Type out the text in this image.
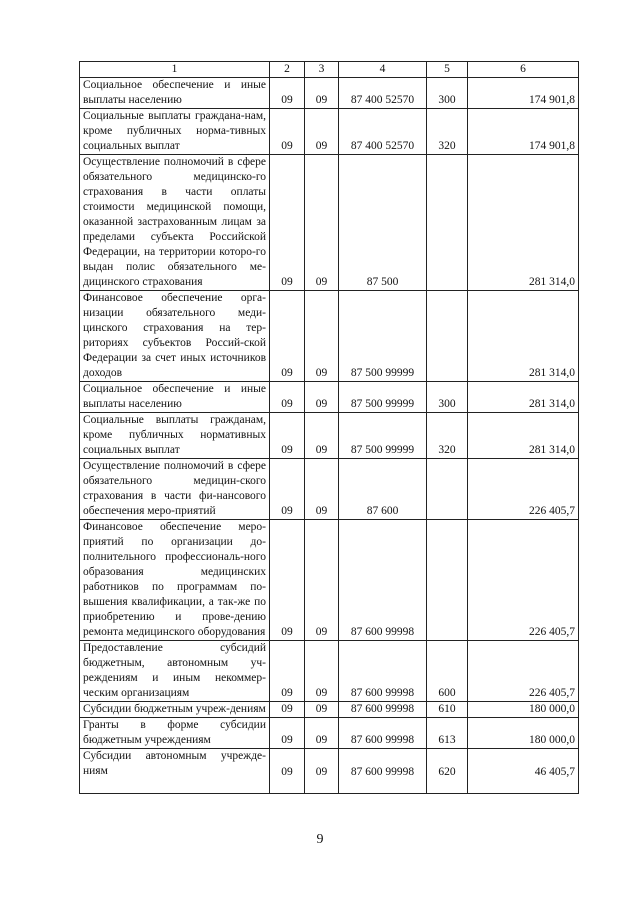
1	2	3	4	5	6
Социальное обеспечение и иные выплаты населению	09	09	87 400 52570	300	174 901,8
Социальные выплаты граждана-нам, кроме публичных норма-тивных социальных выплат	09	09	87 400 52570	320	174 901,8
Осуществление полномочий в сфере обязательного медицинско-го страхования в части оплаты стоимости медицинской помощи, оказанной застрахованным лицам за пределами субъекта Российской Федерации, на территории которо-го выдан полис обязательного ме-дицинского страхования	09	09	87 500		281 314,0
Финансовое обеспечение орга-низации обязательного меди-цинского страхования на тер-риториях субъектов Россий-ской Федерации за счет иных источников доходов	09	09	87 500 99999		281 314,0
Социальное обеспечение и иные выплаты населению	09	09	87 500 99999	300	281 314,0
Социальные выплаты гражданам, кроме публичных нормативных социальных выплат	09	09	87 500 99999	320	281 314,0
Осуществление полномочий в сфере обязательного медицин-ского страхования в части фи-нансового обеспечения меро-приятий	09	09	87 600		226 405,7
Финансовое обеспечение меро-приятий по организации до-полнительного профессиональ-ного образования медицинских работников по программам по-вышения квалификации, а так-же по приобретению и прове-дению ремонта медицинского оборудования	09	09	87 600 99998		226 405,7
Предоставление субсидий бюджетным, автономным уч-реждениям и иным некоммер-ческим организациям	09	09	87 600 99998	600	226 405,7
Субсидии бюджетным учреж-дениям	09	09	87 600 99998	610	180 000,0
Гранты в форме субсидии бюджетным учреждениям	09	09	87 600 99998	613	180 000,0
Субсидии автономным учрежде-ниям	09	09	87 600 99998	620	46 405,7
9
